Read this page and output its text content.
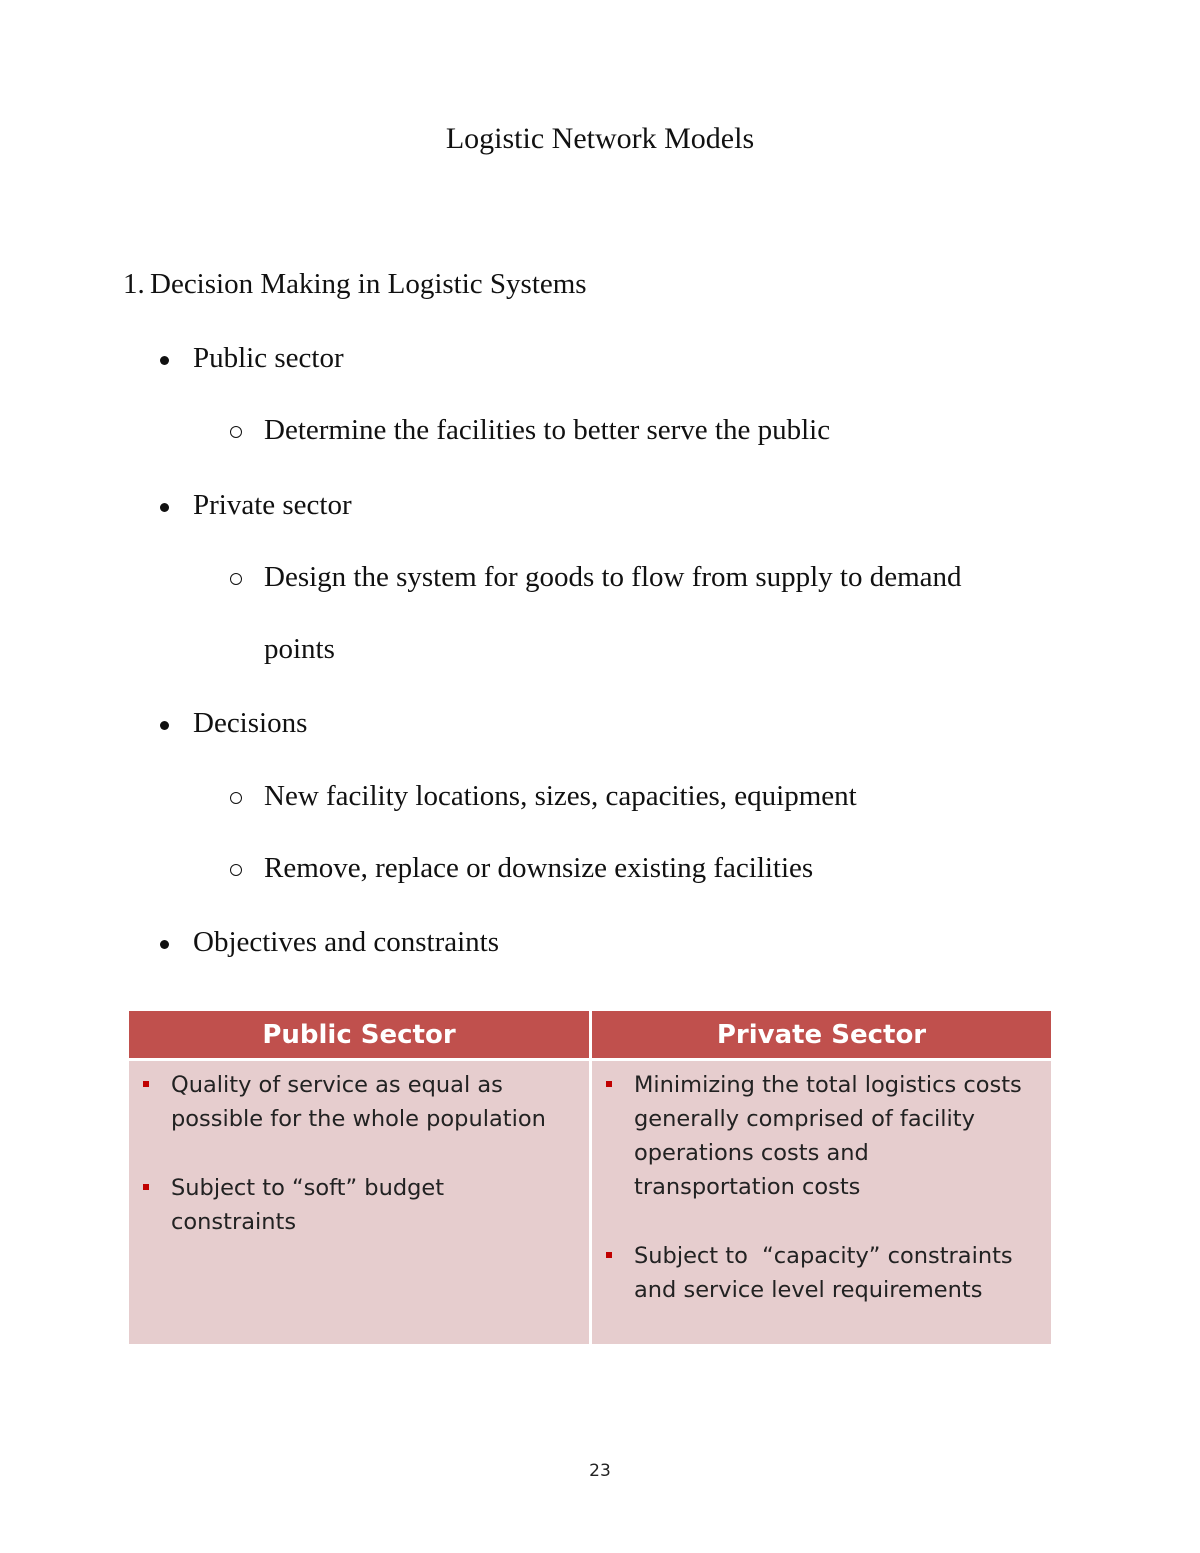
Logistic Network Models
1. Decision Making in Logistic Systems
Public sector
Determine the facilities to better serve the public
Private sector
Design the system for goods to flow from supply to demand
points
Decisions
New facility locations, sizes, capacities, equipment
Remove, replace or downsize existing facilities
Objectives and constraints
Public Sector	Private Sector
Quality of service as equal as
possible for the whole population
Subject to “soft” budget
constraints
Minimizing the total logistics costs
generally comprised of facility
operations costs and
transportation costs
Subject to  “capacity” constraints
and service level requirements
23
